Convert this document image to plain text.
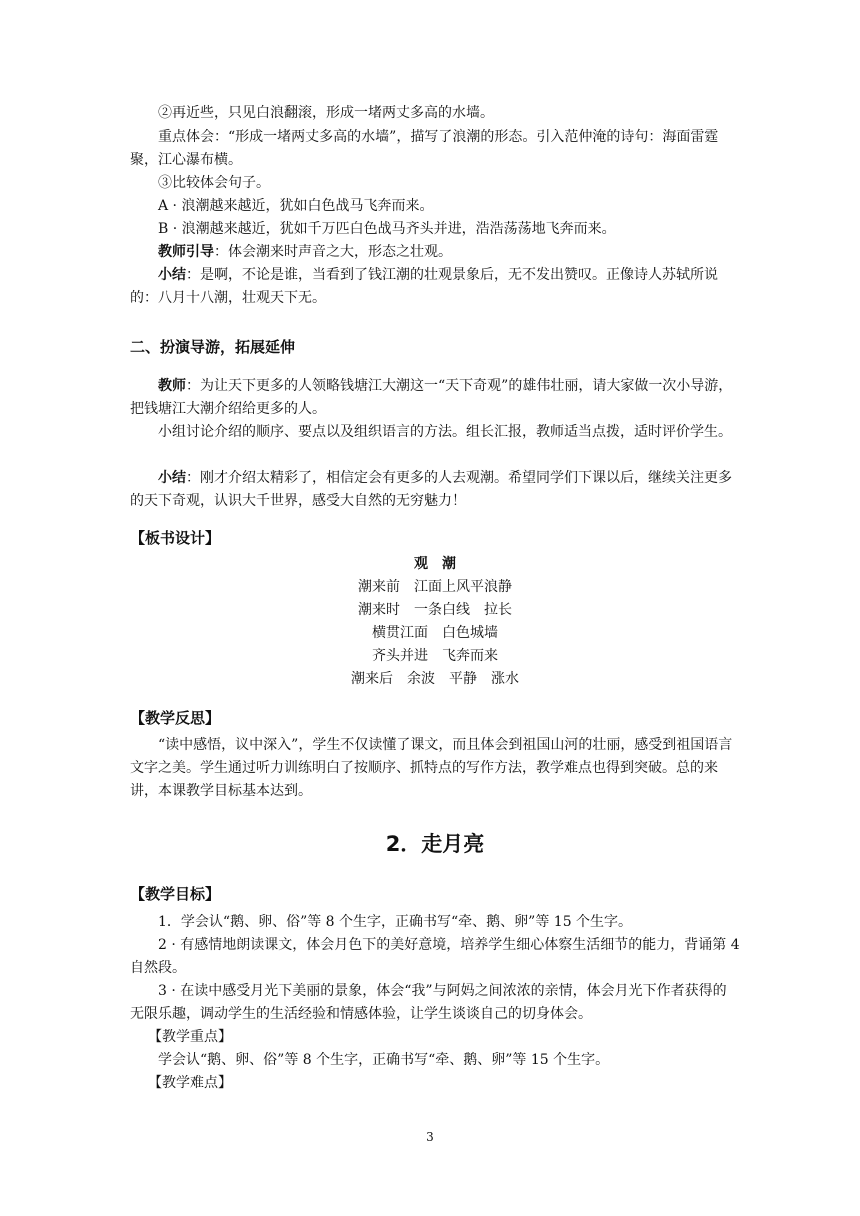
②再近些，只见白浪翻滚，形成一堵两丈多高的水墙。

重点体会：“形成一堵两丈多高的水墙”，描写了浪潮的形态。引入范仲淹的诗句：海面雷霆聚，江心瀑布横。

③比较体会句子。
A · 浪潮越来越近，犹如白色战马飞奔而来。
B · 浪潮越来越近，犹如千万匹白色战马齐头并进，浩浩荡荡地飞奔而来。
教师引导：体会潮来时声音之大，形态之壮观。

小结：是啊，不论是谁，当看到了钱江潮的壮观景象后，无不发出赞叹。正像诗人苏轼所说的：八月十八潮，壮观天下无。

二、扮演导游，拓展延伸

教师：为让天下更多的人领略钱塘江大潮这一“天下奇观”的雄伟壮丽，请大家做一次小导游，把钱塘江大潮介绍给更多的人。

小组讨论介绍的顺序、要点以及组织语言的方法。组长汇报，教师适当点拨，适时评价学生。

小结：刚才介绍太精彩了，相信定会有更多的人去观潮。希望同学们下课以后，继续关注更多的天下奇观，认识大千世界，感受大自然的无穷魅力！

【板书设计】
观　潮
潮来前　江面上风平浪静
潮来时　一条白线　拉长
横贯江面　白色城墙
齐头并进　飞奔而来
潮来后　余波　平静　涨水
【教学反思】

“读中感悟，议中深入”，学生不仅读懂了课文，而且体会到祖国山河的壮丽，感受到祖国语言文字之美。学生通过听力训练明白了按顺序、抓特点的写作方法，教学难点也得到突破。总的来讲，本课教学目标基本达到。

2．走月亮
【教学目标】
1．学会认“鹅、卵、俗”等 8 个生字，正确书写“牵、鹅、卵”等 15 个生字。

2 · 有感情地朗读课文，体会月色下的美好意境，培养学生细心体察生活细节的能力，背诵第 4 自然段。

3 · 在读中感受月光下美丽的景象，体会“我”与阿妈之间浓浓的亲情，体会月光下作者获得的无限乐趣，调动学生的生活经验和情感体验，让学生谈谈自己的切身体会。

【教学重点】
学会认“鹅、卵、俗”等 8 个生字，正确书写“牵、鹅、卵”等 15 个生字。
【教学难点】
3
